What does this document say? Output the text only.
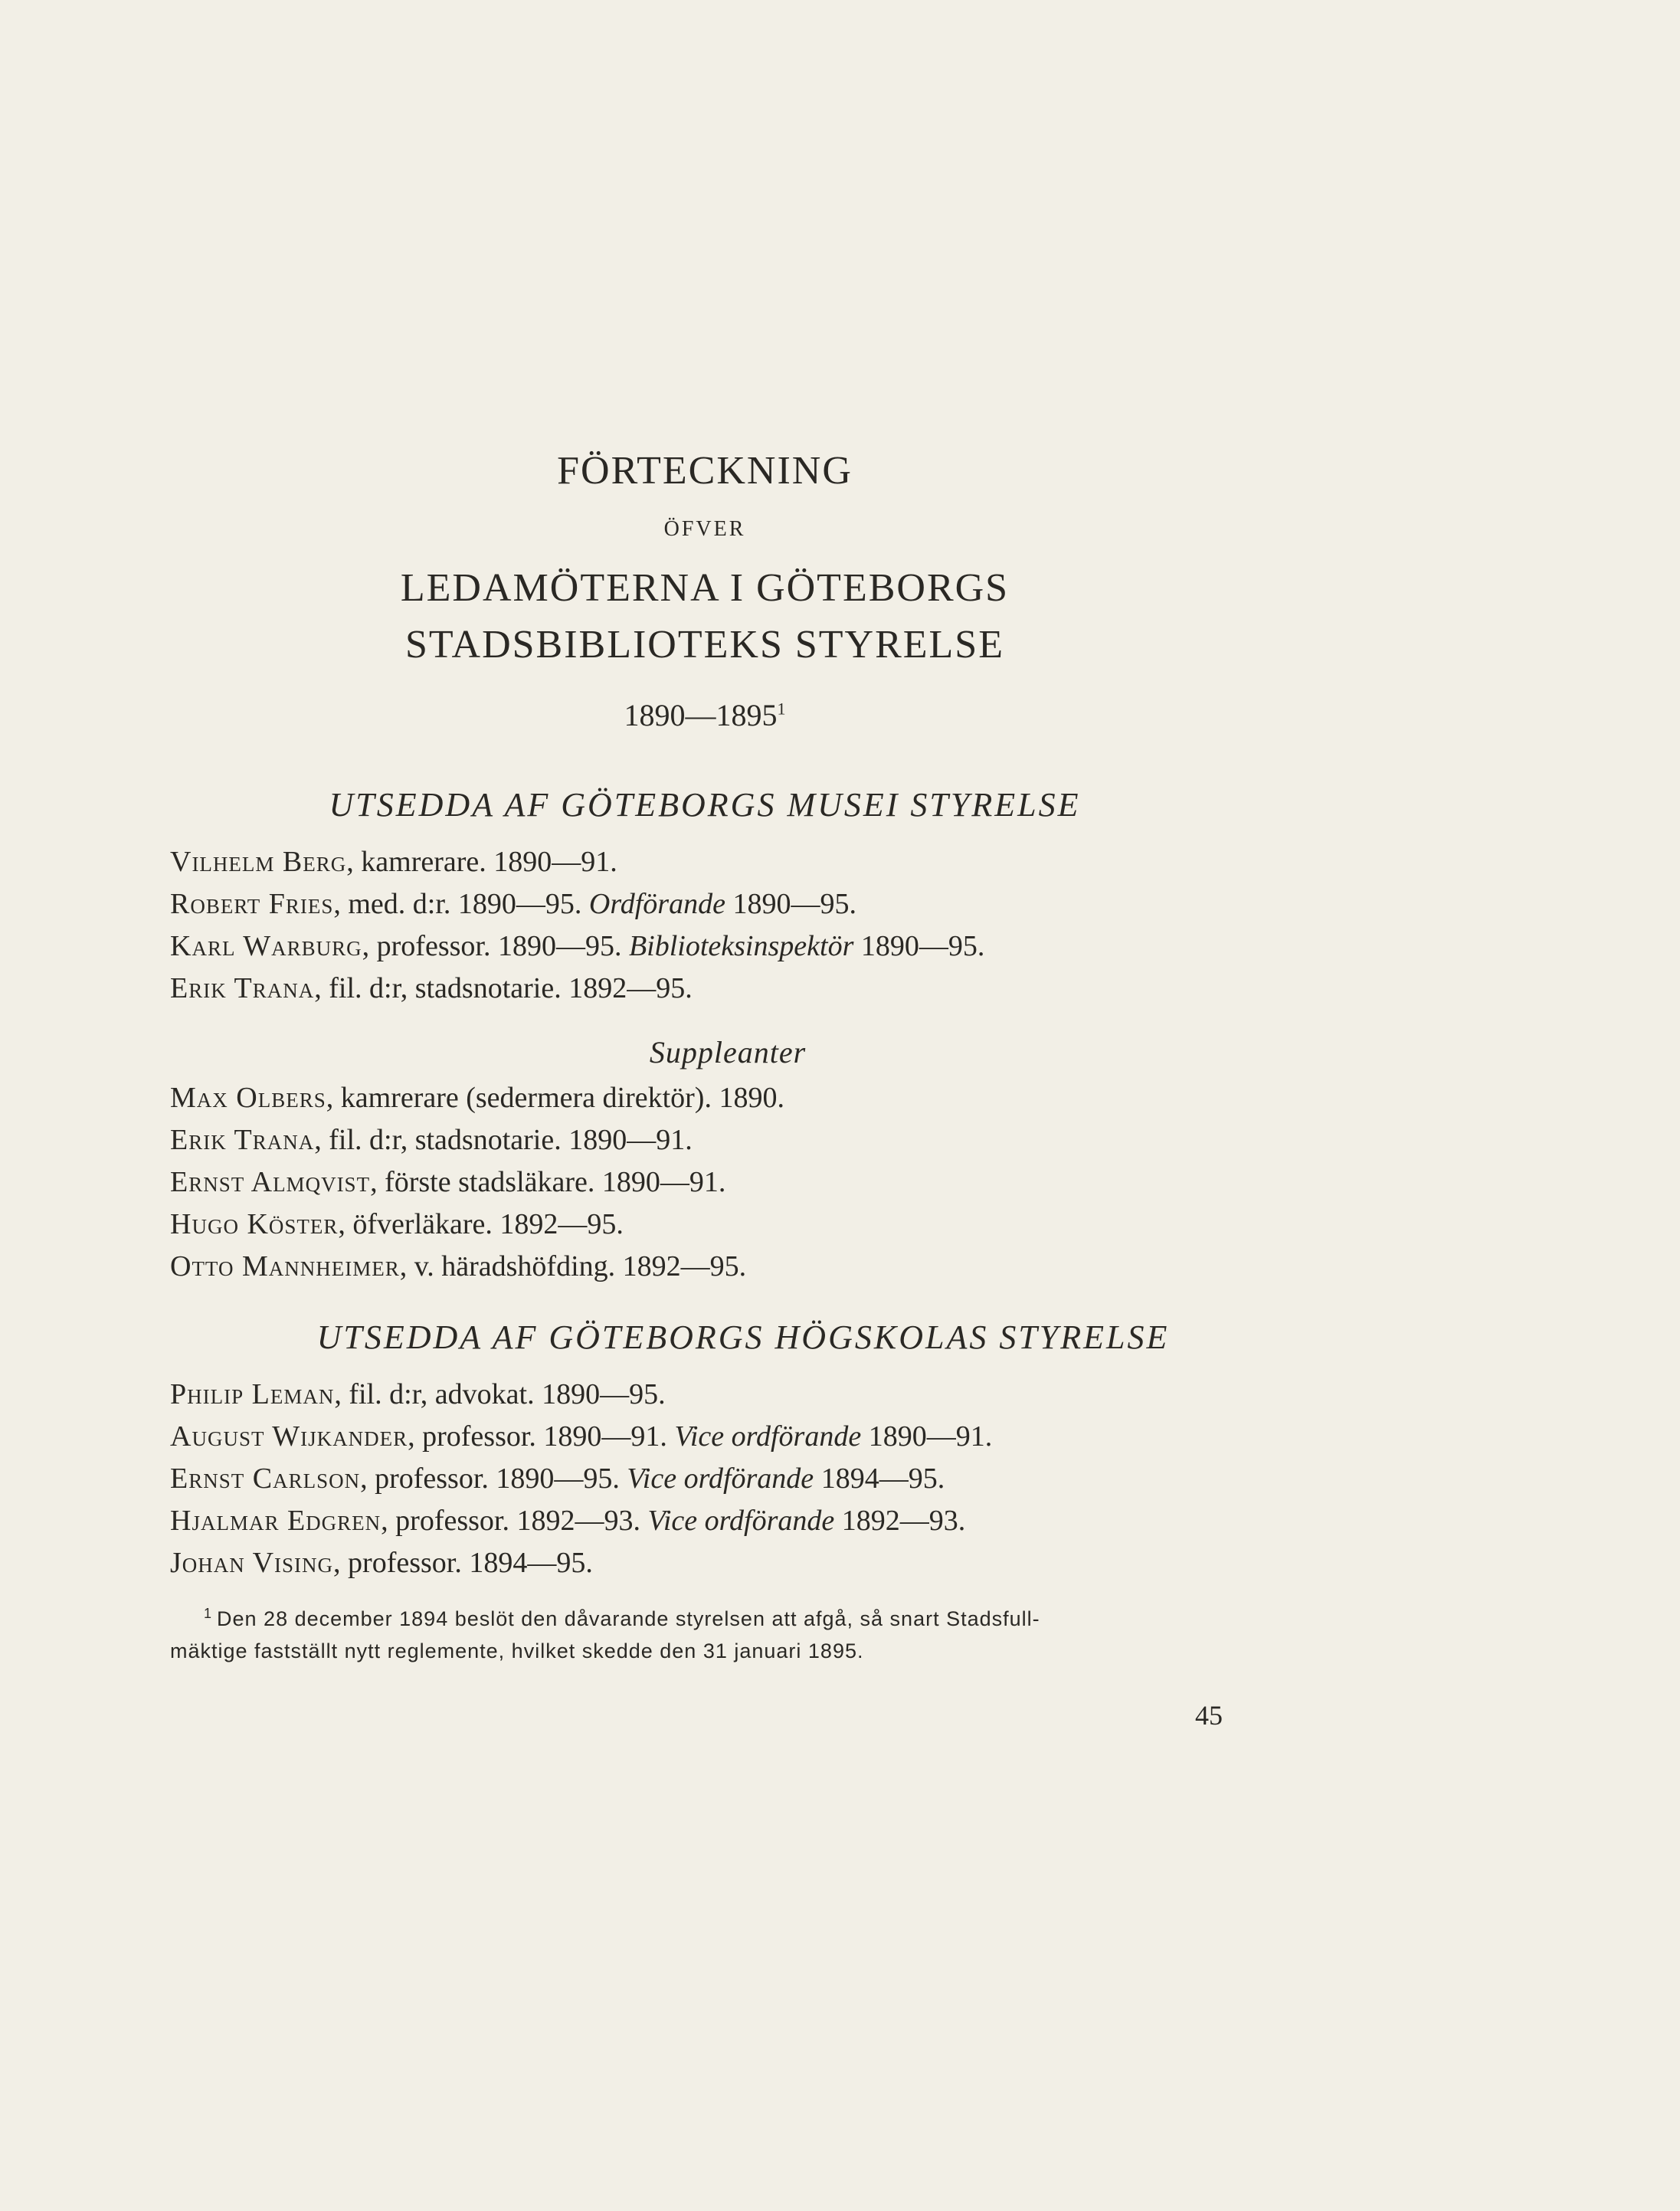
FÖRTECKNING
ÖFVER
LEDAMÖTERNA I GÖTEBORGS
STADSBIBLIOTEKS STYRELSE
1890—1895$^1$
UTSEDDA AF GÖTEBORGS MUSEI STYRELSE
Vilhelm Berg, kamrerare. 1890—91.
Robert Fries, med. d:r. 1890—95. Ordförande 1890—95.
Karl Warburg, professor. 1890—95. Biblioteksinspektör 1890—95.
Erik Trana, fil. d:r, stadsnotarie. 1892—95.
Suppleanter
Max Olbers, kamrerare (sedermera direktör). 1890.
Erik Trana, fil. d:r, stadsnotarie. 1890—91.
Ernst Almqvist, förste stadsläkare. 1890—91.
Hugo Köster, öfverläkare. 1892—95.
Otto Mannheimer, v. häradshöfding. 1892—95.
UTSEDDA AF GÖTEBORGS HÖGSKOLAS STYRELSE
Philip Leman, fil. d:r, advokat. 1890—95.
August Wijkander, professor. 1890—91. Vice ordförande 1890—91.
Ernst Carlson, professor. 1890—95. Vice ordförande 1894—95.
Hjalmar Edgren, professor. 1892—93. Vice ordförande 1892—93.
Johan Vising, professor. 1894—95.
$^1$ Den 28 december 1894 beslöt den dåvarande styrelsen att afgå, så snart Stadsfull-
mäktige fastställt nytt reglemente, hvilket skedde den 31 januari 1895.
45
